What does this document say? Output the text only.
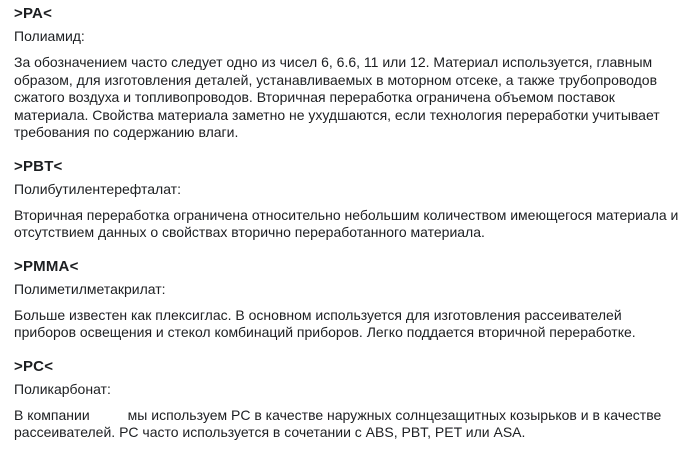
>PA<

Полиамид:

За обозначением часто следует одно из чисел 6, 6.6, 11 или 12. Материал используется, главным образом, для изготовления деталей, устанавливаемых в моторном отсеке, а также трубопроводов сжатого воздуха и топливопроводов. Вторичная переработка ограничена объемом поставок материала. Свойства материала заметно не ухудшаются, если технология переработки учитывает требования по содержанию влаги.

>PBT<

Полибутилентерефталат:

Вторичная переработка ограничена относительно небольшим количеством имеющегося материала и отсутствием данных о свойствах вторично переработанного материала.

>PMMA<

Полиметилметакрилат:

Больше известен как плексиглас. В основном используется для изготовления рассеивателей приборов освещения и стекол комбинаций приборов. Легко поддается вторичной переработке.

>PC<

Поликарбонат:

В компании	мы используем PC в качестве наружных солнцезащитных козырьков и в качестве рассеивателей. PC часто используется в сочетании с ABS, PBT, PET или ASA.
